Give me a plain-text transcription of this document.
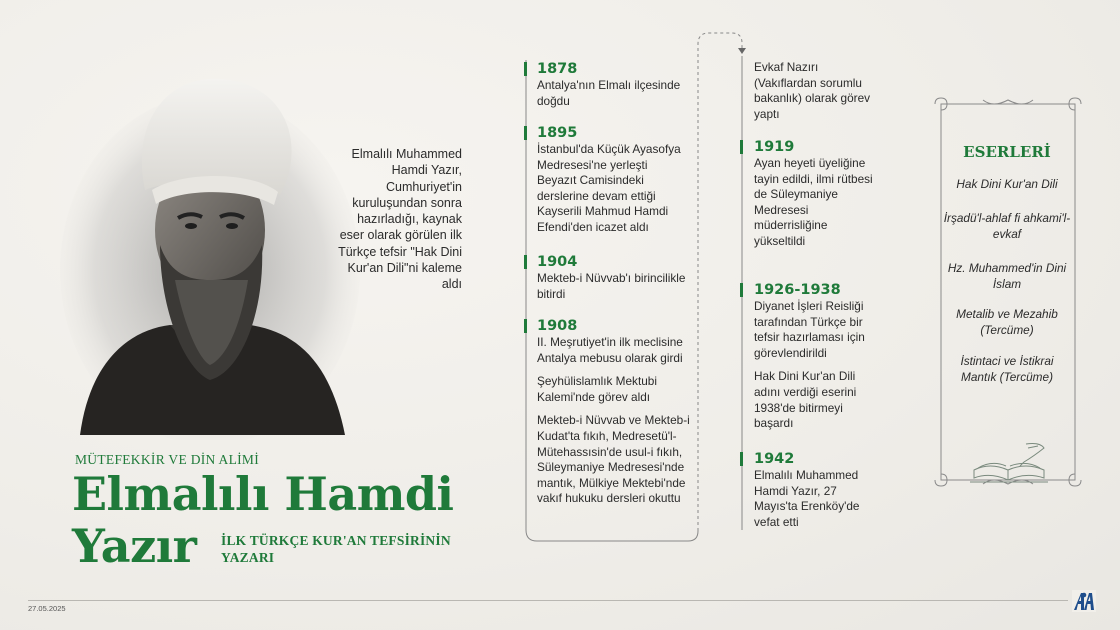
Elmalılı Muhammed Hamdi Yazır, Cumhuriyet'in kuruluşundan sonra hazırladığı, kaynak eser olarak görülen ilk Türkçe tefsir "Hak Dini Kur'an Dili"ni kaleme aldı

MÜTEFEKKİR VE DİN ALİMİ
Elmalılı Hamdi
Yazır İLK TÜRKÇE KUR'AN TEFSİRİNİN YAZARI
1878
Antalya'nın Elmalı ilçesinde doğdu
1895
İstanbul'da Küçük Ayasofya Medresesi'ne yerleşti Beyazıt Camisindeki derslerine devam ettiği Kayserili Mahmud Hamdi Efendi'den icazet aldı
1904
Mekteb-i Nüvvab'ı birincilikle bitirdi
1908
II. Meşrutiyet'in ilk meclisine Antalya mebusu olarak girdi
Şeyhülislamlık Mektubi Kalemi'nde görev aldı
Mekteb-i Nüvvab ve Mekteb-i Kudat'ta fıkıh, Medresetü'l-Mütehassısin'de usul-i fıkıh, Süleymaniye Medresesi'nde mantık, Mülkiye Mektebi'nde vakıf hukuku dersleri okuttu
Evkaf Nazırı (Vakıflardan sorumlu bakanlık) olarak görev yaptı
1919
Ayan heyeti üyeliğine tayin edildi, ilmi rütbesi de Süleymaniye Medresesi müderrisliğine yükseltildi
1926-1938
Diyanet İşleri Reisliği tarafından Türkçe bir tefsir hazırlaması için görevlendirildi
Hak Dini Kur'an Dili adını verdiği eserini 1938'de bitirmeyi başardı
1942
Elmalılı Muhammed Hamdi Yazır, 27 Mayıs'ta Erenköy'de vefat etti
ESERLERİ
Hak Dini Kur'an Dili
İrşadü'l-ahlaf fi ahkami'l-evkaf
Hz. Muhammed'in Dini İslam
Metalib ve Mezahib (Tercüme)
İstintaci ve İstikrai Mantık (Tercüme)
27.05.2025
